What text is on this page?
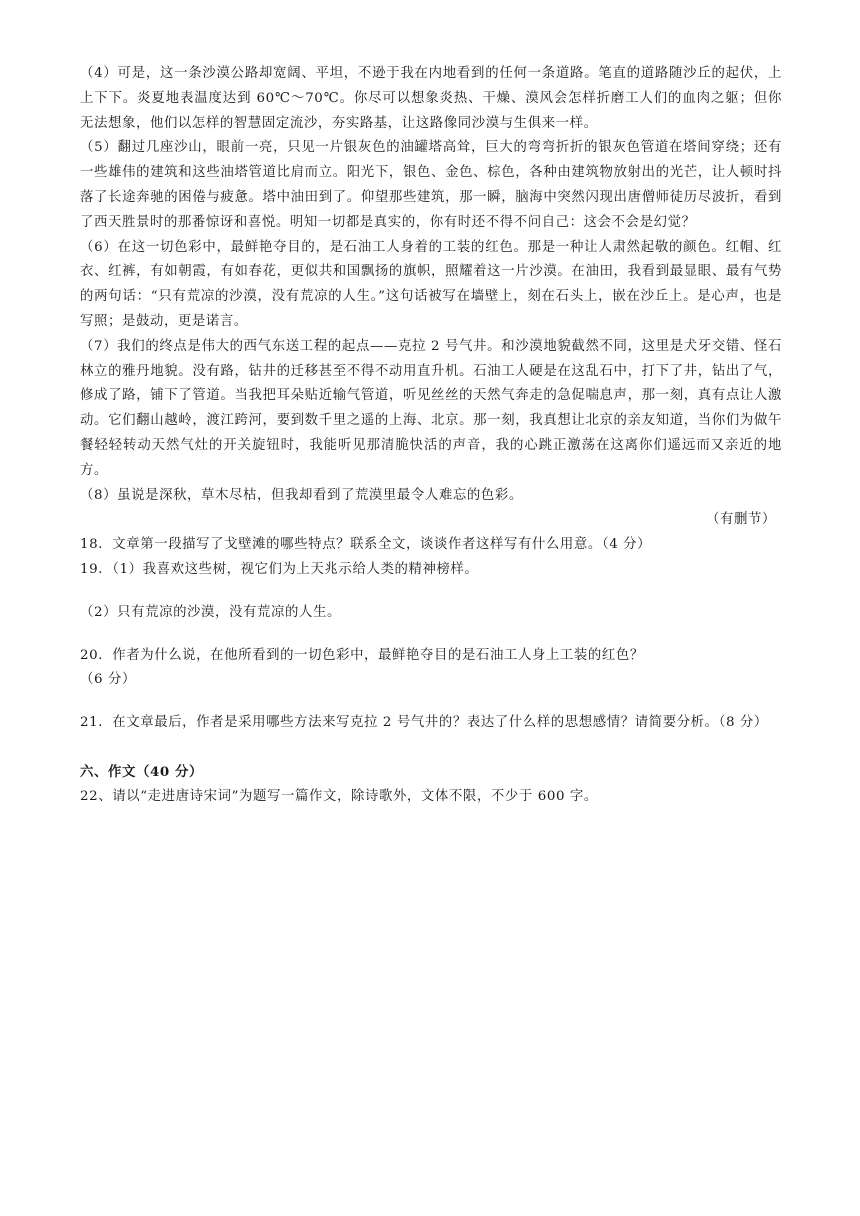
（4）可是，这一条沙漠公路却宽阔、平坦，不逊于我在内地看到的任何一条道路。笔直的道路随沙丘的起伏，上上下下。炎夏地表温度达到 60℃～70℃。你尽可以想象炎热、干燥、漠风会怎样折磨工人们的血肉之躯；但你无法想象，他们以怎样的智慧固定流沙，夯实路基，让这路像同沙漠与生俱来一样。

（5）翻过几座沙山，眼前一亮，只见一片银灰色的油罐塔高耸，巨大的弯弯折折的银灰色管道在塔间穿绕；还有一些雄伟的建筑和这些油塔管道比肩而立。阳光下，银色、金色、棕色，各种由建筑物放射出的光芒，让人顿时抖落了长途奔驰的困倦与疲惫。塔中油田到了。仰望那些建筑，那一瞬，脑海中突然闪现出唐僧师徒历尽波折，看到了西天胜景时的那番惊讶和喜悦。明知一切都是真实的，你有时还不得不问自己：这会不会是幻觉？

（6）在这一切色彩中，最鲜艳夺目的，是石油工人身着的工装的红色。那是一种让人肃然起敬的颜色。红帽、红衣、红裤，有如朝霞，有如春花，更似共和国飘扬的旗帜，照耀着这一片沙漠。在油田，我看到最显眼、最有气势的两句话：“只有荒凉的沙漠，没有荒凉的人生。”这句话被写在墙壁上，刻在石头上，嵌在沙丘上。是心声，也是写照；是鼓动，更是诺言。

（7）我们的终点是伟大的西气东送工程的起点——克拉 2 号气井。和沙漠地貌截然不同，这里是犬牙交错、怪石林立的雅丹地貌。没有路，钻井的迁移甚至不得不动用直升机。石油工人硬是在这乱石中，打下了井，钻出了气，修成了路，铺下了管道。当我把耳朵贴近输气管道，听见丝丝的天然气奔走的急促喘息声，那一刻，真有点让人激动。它们翻山越岭，渡江跨河，要到数千里之遥的上海、北京。那一刻，我真想让北京的亲友知道，当你们为做午餐轻轻转动天然气灶的开关旋钮时，我能听见那清脆快活的声音，我的心跳正激荡在这离你们遥远而又亲近的地方。

（8）虽说是深秋，草木尽枯，但我却看到了荒漠里最令人难忘的色彩。

（有删节）

18．文章第一段描写了戈壁滩的哪些特点？联系全文，谈谈作者这样写有什么用意。（4 分）

19．（1）我喜欢这些树，视它们为上天兆示给人类的精神榜样。

（2）只有荒凉的沙漠，没有荒凉的人生。

20．作者为什么说，在他所看到的一切色彩中，最鲜艳夺目的是石油工人身上工装的红色？

（6 分）

21．在文章最后，作者是采用哪些方法来写克拉 2 号气井的？表达了什么样的思想感情？请简要分析。（8 分）

六、作文（40 分）

22、请以“走进唐诗宋词”为题写一篇作文，除诗歌外，文体不限，不少于 600 字。
